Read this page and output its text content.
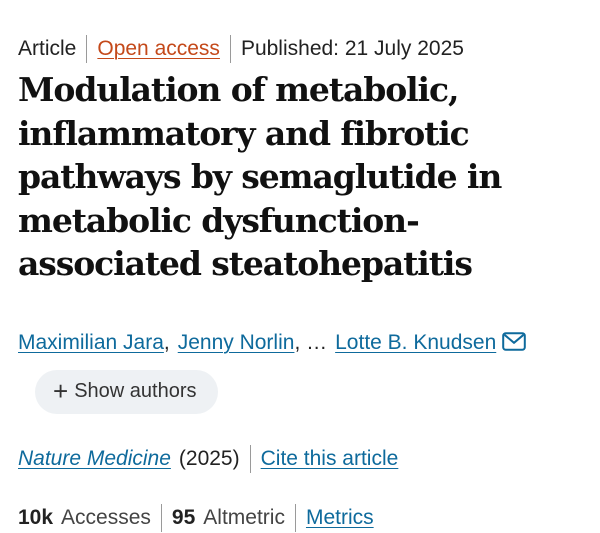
Article Open access Published: 21 July 2025
Modulation of metabolic, inflammatory and fibrotic pathways by semaglutide in metabolic dysfunction-associated steatohepatitis
Maximilian Jara , Jenny Norlin , … Lotte B. Knudsen
+ Show authors
Nature Medicine (2025) Cite this article
10k Accesses 95 Altmetric Metrics
